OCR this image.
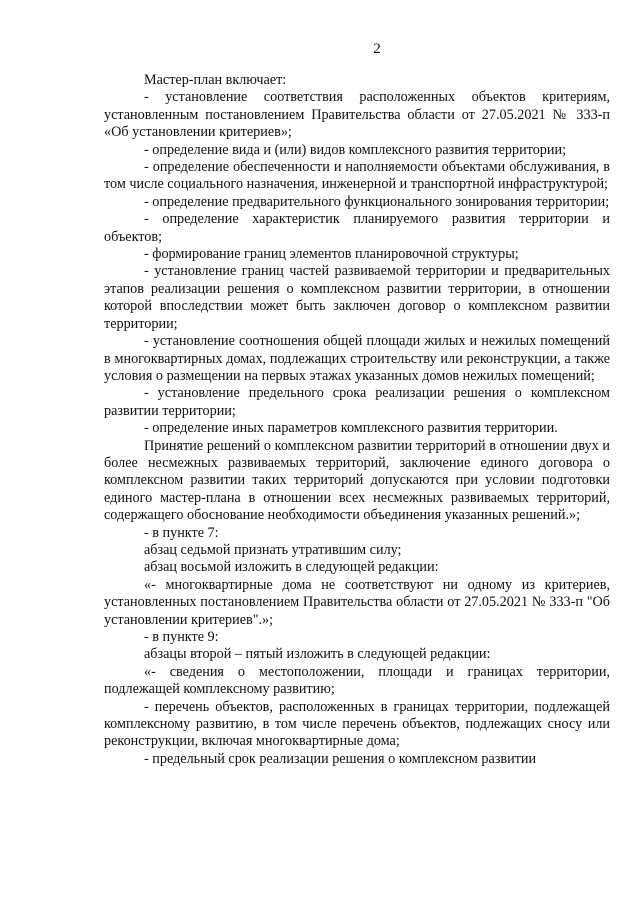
2

Мастер-план включает:

- установление соответствия расположенных объектов критериям, установленным постановлением Правительства области от 27.05.2021 № 333-п «Об установлении критериев»;

- определение вида и (или) видов комплексного развития территории;

- определение обеспеченности и наполняемости объектами обслуживания, в том числе социального назначения, инженерной и транспортной инфраструктурой;

- определение предварительного функционального зонирования территории;

- определение характеристик планируемого развития территории и объектов;

- формирование границ элементов планировочной структуры;

- установление границ частей развиваемой территории и предварительных этапов реализации решения о комплексном развитии территории, в отношении которой впоследствии может быть заключен договор о комплексном развитии территории;

- установление соотношения общей площади жилых и нежилых помещений в многоквартирных домах, подлежащих строительству или реконструкции, а также условия о размещении на первых этажах указанных домов нежилых помещений;

- установление предельного срока реализации решения о комплексном развитии территории;

- определение иных параметров комплексного развития территории.

Принятие решений о комплексном развитии территорий в отношении двух и более несмежных развиваемых территорий, заключение единого договора о комплексном развитии таких территорий допускаются при условии подготовки единого мастер-плана в отношении всех несмежных развиваемых территорий, содержащего обоснование необходимости объединения указанных решений.»;

- в пункте 7:

абзац седьмой признать утратившим силу;

абзац восьмой изложить в следующей редакции:

«- многоквартирные дома не соответствуют ни одному из критериев, установленных постановлением Правительства области от 27.05.2021 № 333-п "Об установлении критериев".»;

- в пункте 9:

абзацы второй – пятый изложить в следующей редакции:

«- сведения о местоположении, площади и границах территории, подлежащей комплексному развитию;

- перечень объектов, расположенных в границах территории, подлежащей комплексному развитию, в том числе перечень объектов, подлежащих сносу или реконструкции, включая многоквартирные дома;

- предельный срок реализации решения о комплексном развитии
